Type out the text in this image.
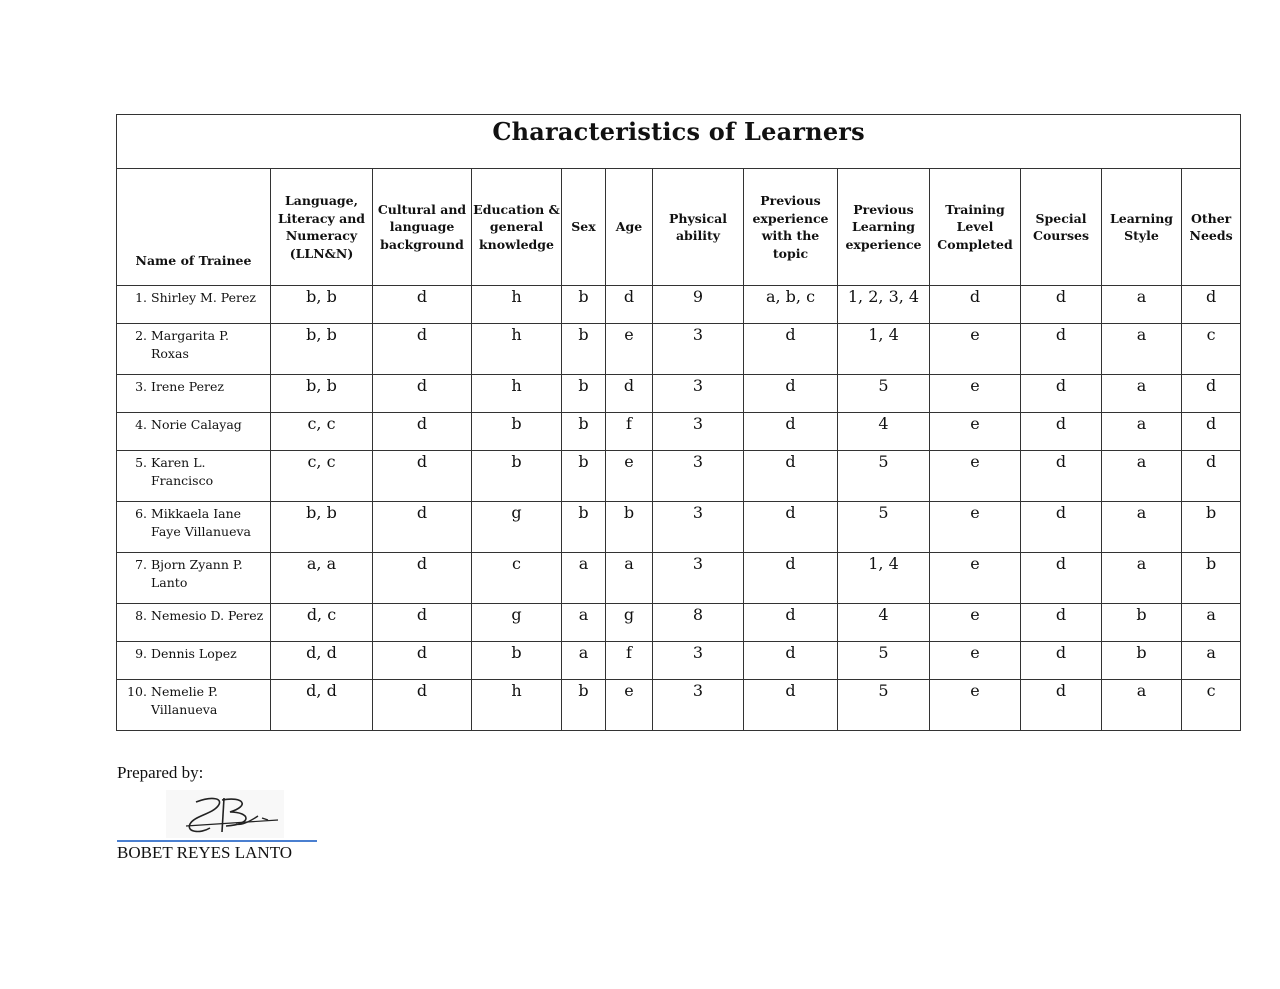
Characteristics of Learners												
Name of Trainee	Language, Literacy and Numeracy (LLN&N)	Cultural and language background	Education & general knowledge	Sex	Age	Physical ability	Previous experience with the topic	Previous Learning experience	Training Level Completed	Special Courses	Learning Style	Other Needs

1. Shirley M. Perez	b, b	d	h	b	d	9	a, b, c	1, 2, 3, 4	d	d	a	d

2. Margarita P. Roxas	b, b	d	h	b	e	3	d	1, 4	e	d	a	c

3. Irene Perez	b, b	d	h	b	d	3	d	5	e	d	a	d

4. Norie Calayag	c, c	d	b	b	f	3	d	4	e	d	a	d

5. Karen L. Francisco	c, c	d	b	b	e	3	d	5	e	d	a	d

6. Mikkaela Iane Faye Villanueva	b, b	d	g	b	b	3	d	5	e	d	a	b

7. Bjorn Zyann P. Lanto	a, a	d	c	a	a	3	d	1, 4	e	d	a	b

8. Nemesio D. Perez	d, c	d	g	a	g	8	d	4	e	d	b	a

9. Dennis Lopez	d, d	d	b	a	f	3	d	5	e	d	b	a

10. Nemelie P. Villanueva	d, d	d	h	b	e	3	d	5	e	d	a	c
Prepared by:
BOBET REYES LANTO
